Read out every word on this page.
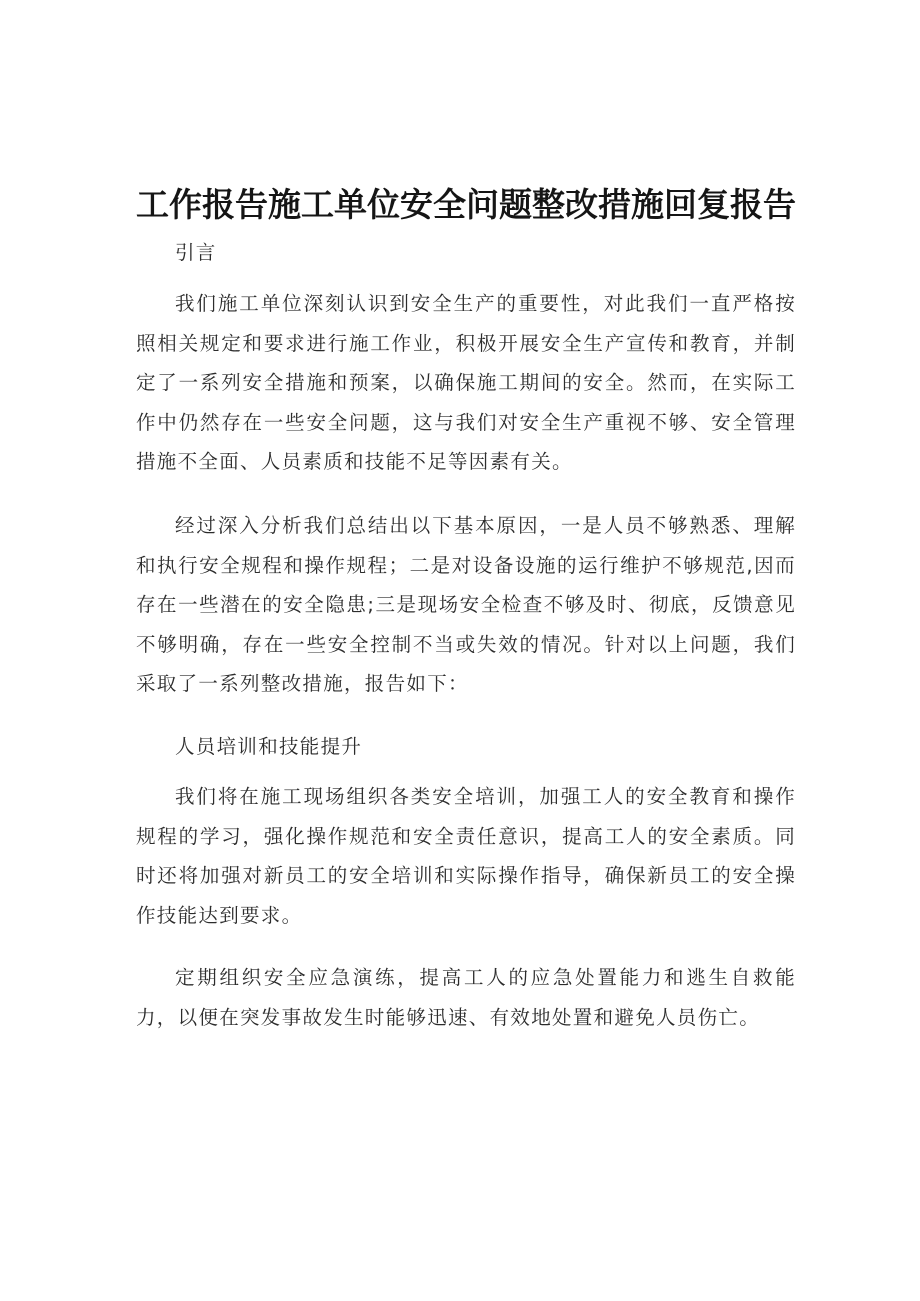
工作报告施工单位安全问题整改措施回复报告

引言

我们施工单位深刻认识到安全生产的重要性，对此我们一直严格按照相关规定和要求进行施工作业，积极开展安全生产宣传和教育，并制定了一系列安全措施和预案，以确保施工期间的安全。然而，在实际工作中仍然存在一些安全问题，这与我们对安全生产重视不够、安全管理措施不全面、人员素质和技能不足等因素有关。

经过深入分析我们总结出以下基本原因，一是人员不够熟悉、理解和执行安全规程和操作规程；二是对设备设施的运行维护不够规范,因而存在一些潜在的安全隐患;三是现场安全检查不够及时、彻底，反馈意见不够明确，存在一些安全控制不当或失效的情况。针对以上问题，我们采取了一系列整改措施，报告如下：

人员培训和技能提升

我们将在施工现场组织各类安全培训，加强工人的安全教育和操作规程的学习，强化操作规范和安全责任意识，提高工人的安全素质。同时还将加强对新员工的安全培训和实际操作指导，确保新员工的安全操作技能达到要求。

定期组织安全应急演练，提高工人的应急处置能力和逃生自救能力，以便在突发事故发生时能够迅速、有效地处置和避免人员伤亡。
